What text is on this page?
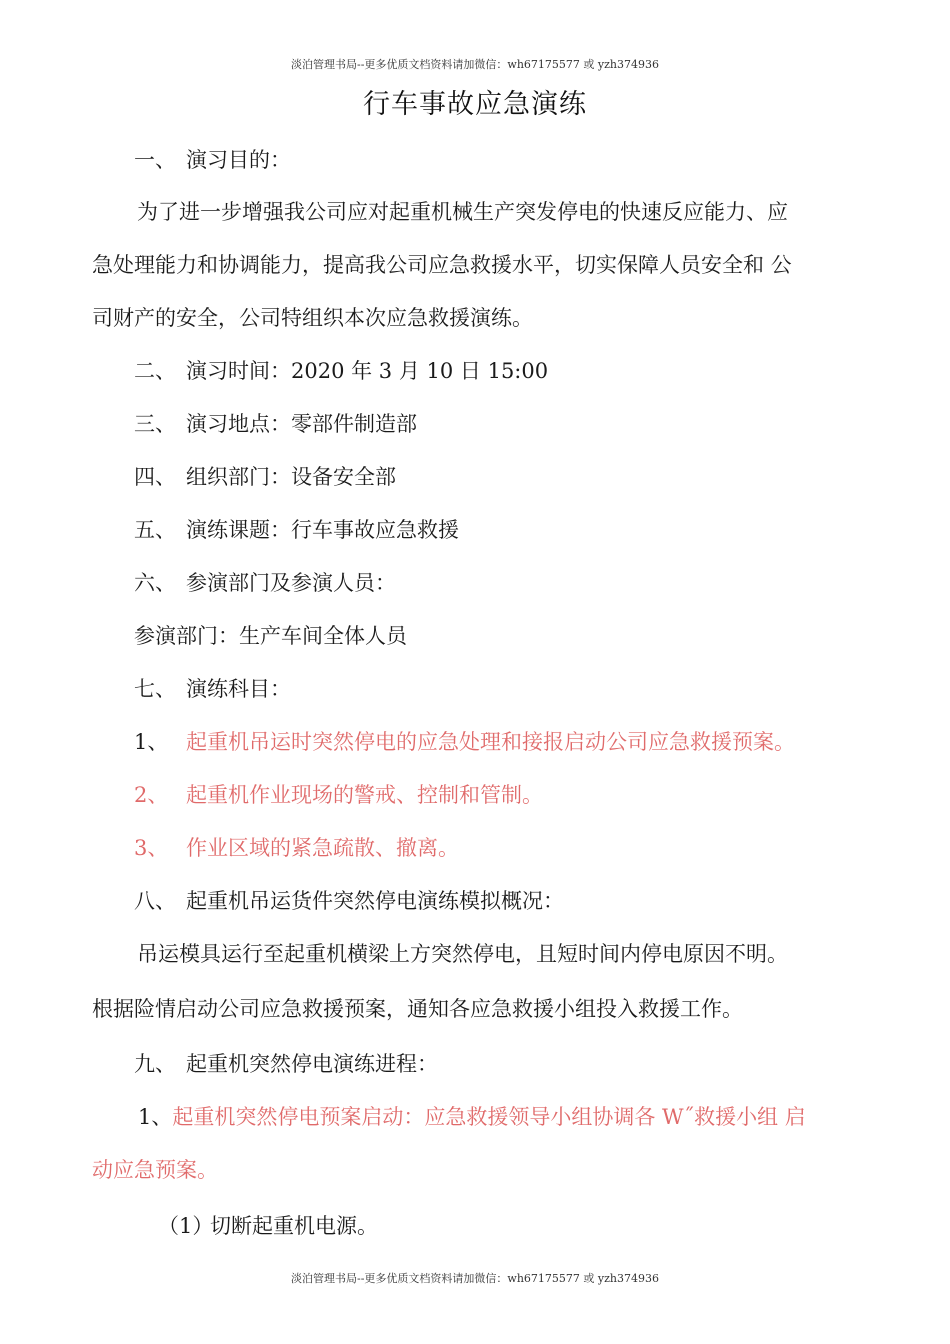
淡泊管理书局--更多优质文档资料请加微信：wh67175577 或 yzh374936
行车事故应急演练
一、 演习目的：
为了进一步增强我公司应对起重机械生产突发停电的快速反应能力、应
急处理能力和协调能力，提高我公司应急救援水平，切实保障人员安全和 公
司财产的安全，公司特组织本次应急救援演练。
二、 演习时间：2020 年 3 月 10 日 15:00
三、 演习地点：零部件制造部
四、 组织部门：设备安全部
五、 演练课题：行车事故应急救援
六、 参演部门及参演人员：
参演部门：生产车间全体人员
七、 演练科目：
1、 起重机吊运时突然停电的应急处理和接报启动公司应急救援预案。
2、 起重机作业现场的警戒、控制和管制。
3、 作业区域的紧急疏散、撤离。
八、 起重机吊运货件突然停电演练模拟概况：
吊运模具运行至起重机横梁上方突然停电，且短时间内停电原因不明。
根据险情启动公司应急救援预案，通知各应急救援小组投入救援工作。
九、 起重机突然停电演练进程：
1、起重机突然停电预案启动：应急救援领导小组协调各 W˝救援小组 启
动应急预案。
（1）切断起重机电源。
淡泊管理书局--更多优质文档资料请加微信：wh67175577 或 yzh374936
